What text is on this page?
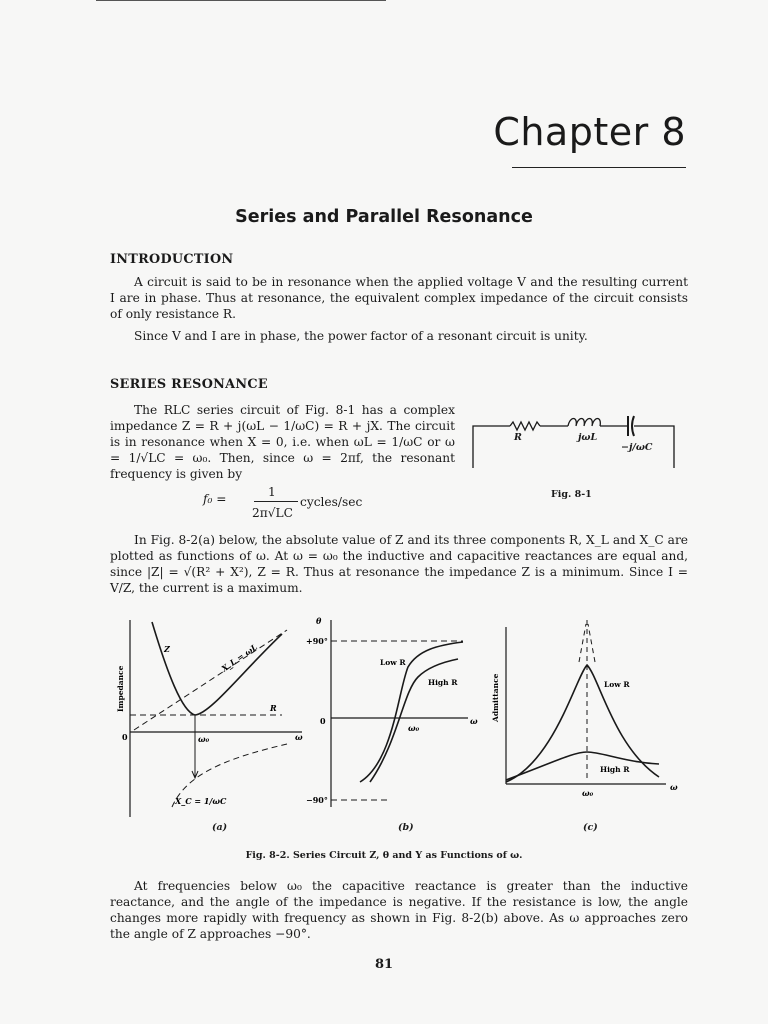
Chapter 8
Series and Parallel Resonance
INTRODUCTION

A circuit is said to be in resonance when the applied voltage V and the resulting current I are in phase. Thus at resonance, the equivalent complex impedance of the circuit consists of only resistance R.

Since V and I are in phase, the power factor of a resonant circuit is unity.

SERIES RESONANCE

The RLC series circuit of Fig. 8-1 has a complex impedance Z = R + j(ωL − 1/ωC) = R + jX. The circuit is in resonance when X = 0, i.e. when ωL = 1/ωC or ω = 1/√LC = ω₀. Then, since ω = 2πf, the resonant frequency is given by

f₀ =	1
2π√LC
cycles/sec
R	jωL
−j/ωC
Fig. 8-1

In Fig. 8-2(a) below, the absolute value of Z and its three components R, X_L and X_C are plotted as functions of ω. At ω = ω₀ the inductive and capacitive reactances are equal and, since |Z| = √(R² + X²), Z = R. Thus at resonance the impedance Z is a minimum. Since I = V/Z, the current is a maximum.

Z	X_L = ωL
R
X_C = 1/ωC
0	ω₀	ω
Impedance
(a)
θ
+90°
0
−90°
Low R
High R
ω₀
ω
(b)
Low R
High R
ω₀
ω
Admittance
(c)
Fig. 8-2. Series Circuit Z, θ and Y as Functions of ω.

At frequencies below ω₀ the capacitive reactance is greater than the inductive reactance, and the angle of the impedance is negative. If the resistance is low, the angle changes more rapidly with frequency as shown in Fig. 8-2(b) above. As ω approaches zero the angle of Z approaches −90°.

81
